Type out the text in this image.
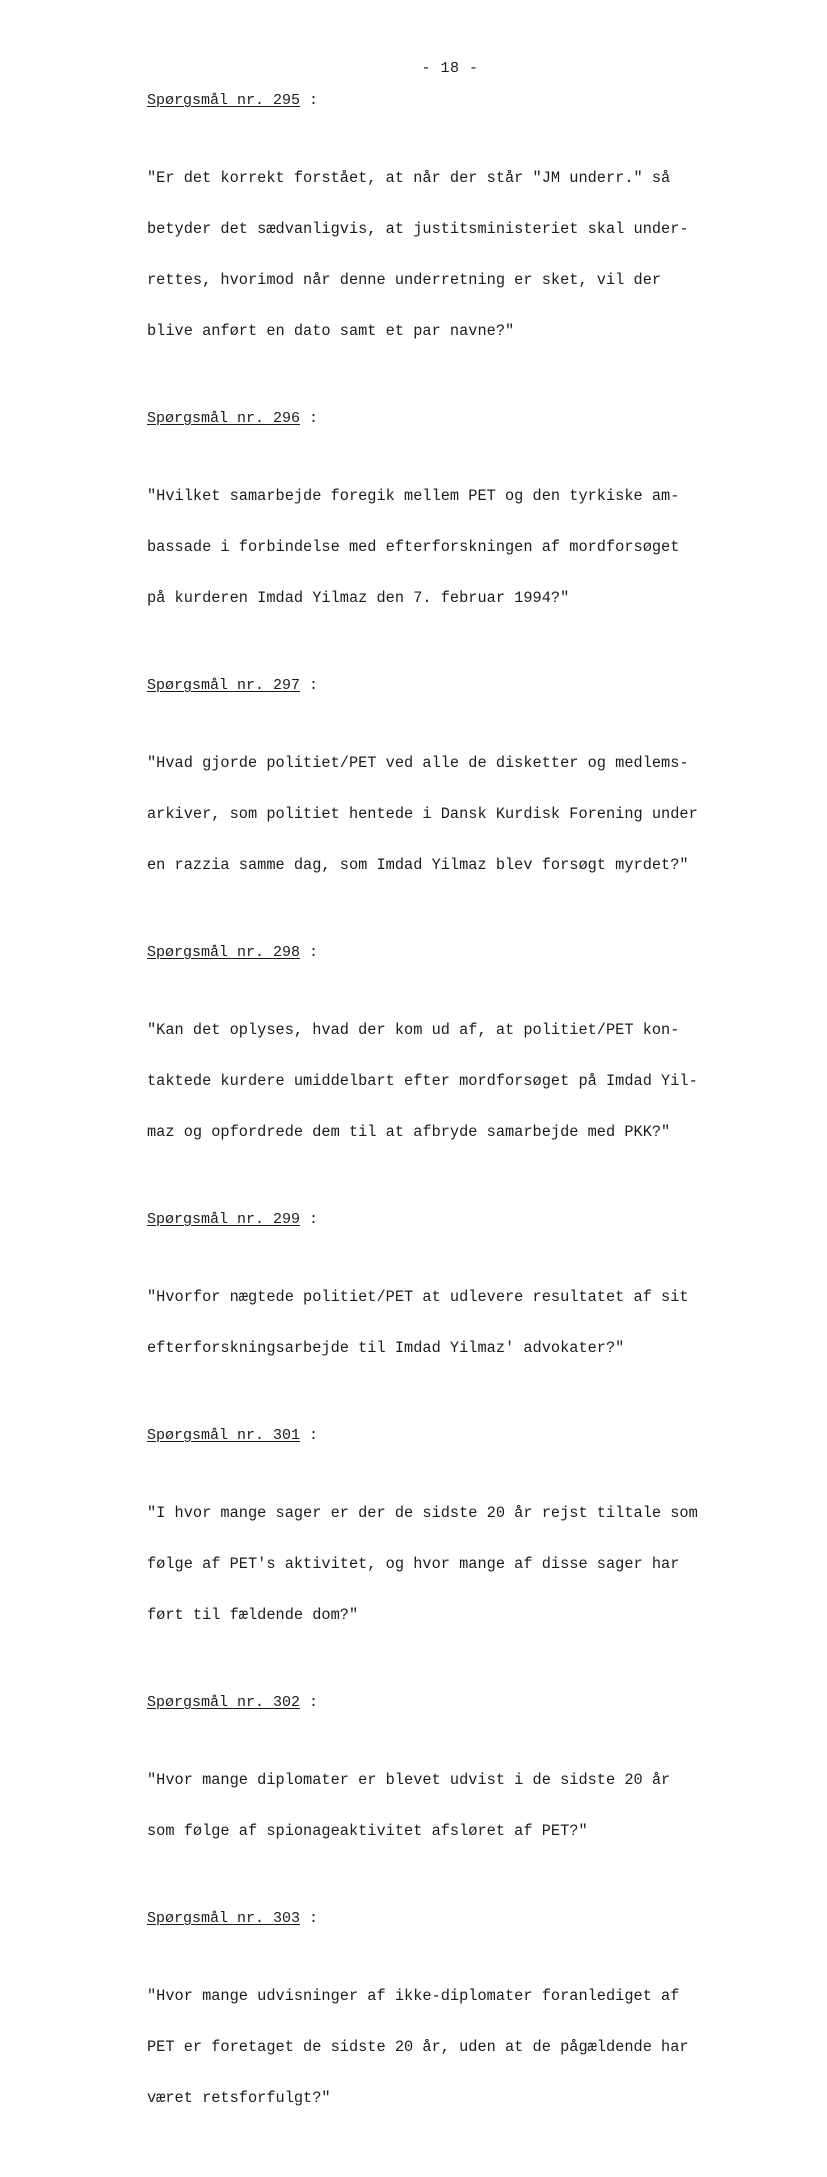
- 18 -
Spørgsmål nr. 295 :

"Er det korrekt forstået, at når der står "JM underr." så

betyder det sædvanligvis, at justitsministeriet skal under-

rettes, hvorimod når denne underretning er sket, vil der

blive anført en dato samt et par navne?"

Spørgsmål nr. 296 :

"Hvilket samarbejde foregik mellem PET og den tyrkiske am-

bassade i forbindelse med efterforskningen af mordforsøget

på kurderen Imdad Yilmaz den 7. februar 1994?"

Spørgsmål nr. 297 :

"Hvad gjorde politiet/PET ved alle de disketter og medlems-

arkiver, som politiet hentede i Dansk Kurdisk Forening under

en razzia samme dag, som Imdad Yilmaz blev forsøgt myrdet?"

Spørgsmål nr. 298 :

"Kan det oplyses, hvad der kom ud af, at politiet/PET kon-

taktede kurdere umiddelbart efter mordforsøget på Imdad Yil-

maz og opfordrede dem til at afbryde samarbejde med PKK?"

Spørgsmål nr. 299 :

"Hvorfor nægtede politiet/PET at udlevere resultatet af sit

efterforskningsarbejde til Imdad Yilmaz' advokater?"

Spørgsmål nr. 301 :

"I hvor mange sager er der de sidste 20 år rejst tiltale som

følge af PET's aktivitet, og hvor mange af disse sager har

ført til fældende dom?"

Spørgsmål nr. 302 :

"Hvor mange diplomater er blevet udvist i de sidste 20 år

som følge af spionageaktivitet afsløret af PET?"

Spørgsmål nr. 303 :

"Hvor mange udvisninger af ikke-diplomater foranlediget af

PET er foretaget de sidste 20 år, uden at de pågældende har

været retsforfulgt?"
